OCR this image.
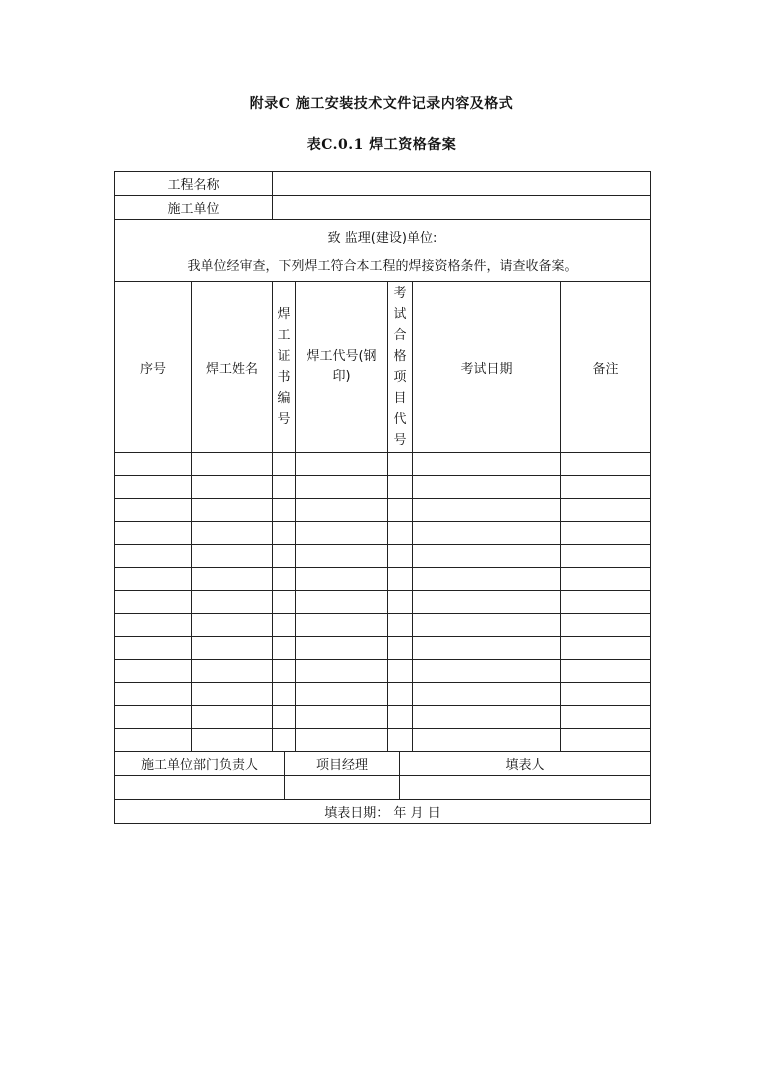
附录C 施工安装技术文件记录内容及格式
表C.0.1 焊工资格备案
工程名称	
施工单位	

致 监理(建设)单位:
我单位经审查，下列焊工符合本工程的焊接资格条件，请查收备案。	
序号	焊工姓名	焊工证书编号	焊工代号(钢印)	考试合格项目代号	考试日期	备注

施工单位部门负责人	项目经理	填表人

填表日期： 年 月 日		
